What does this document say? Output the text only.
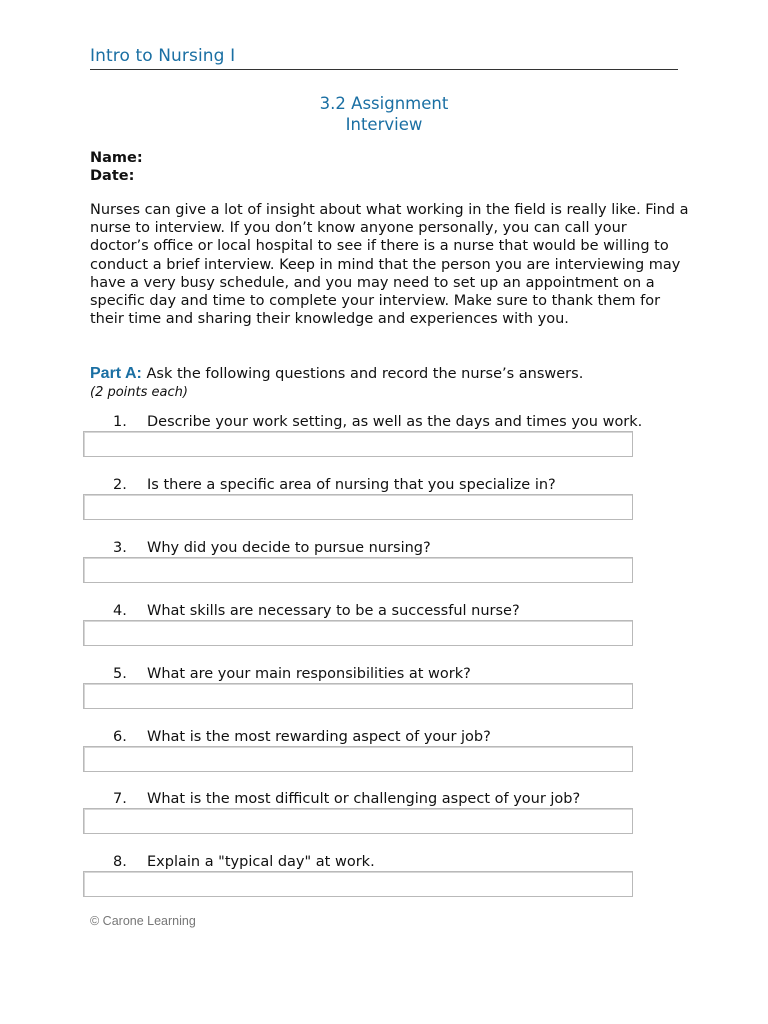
Intro to Nursing I
3.2 Assignment
Interview
Name:
Date:
Nurses can give a lot of insight about what working in the field is really like. Find a nurse to interview. If you don’t know anyone personally, you can call your doctor’s office or local hospital to see if there is a nurse that would be willing to conduct a brief interview. Keep in mind that the person you are interviewing may have a very busy schedule, and you may need to set up an appointment on a specific day and time to complete your interview. Make sure to thank them for their time and sharing their knowledge and experiences with you.
Part A: Ask the following questions and record the nurse’s answers.
(2 points each)
1. Describe your work setting, as well as the days and times you work.
2. Is there a specific area of nursing that you specialize in?
3. Why did you decide to pursue nursing?
4. What skills are necessary to be a successful nurse?
5. What are your main responsibilities at work?
6. What is the most rewarding aspect of your job?
7. What is the most difficult or challenging aspect of your job?
8. Explain a "typical day" at work.
© Carone Learning
